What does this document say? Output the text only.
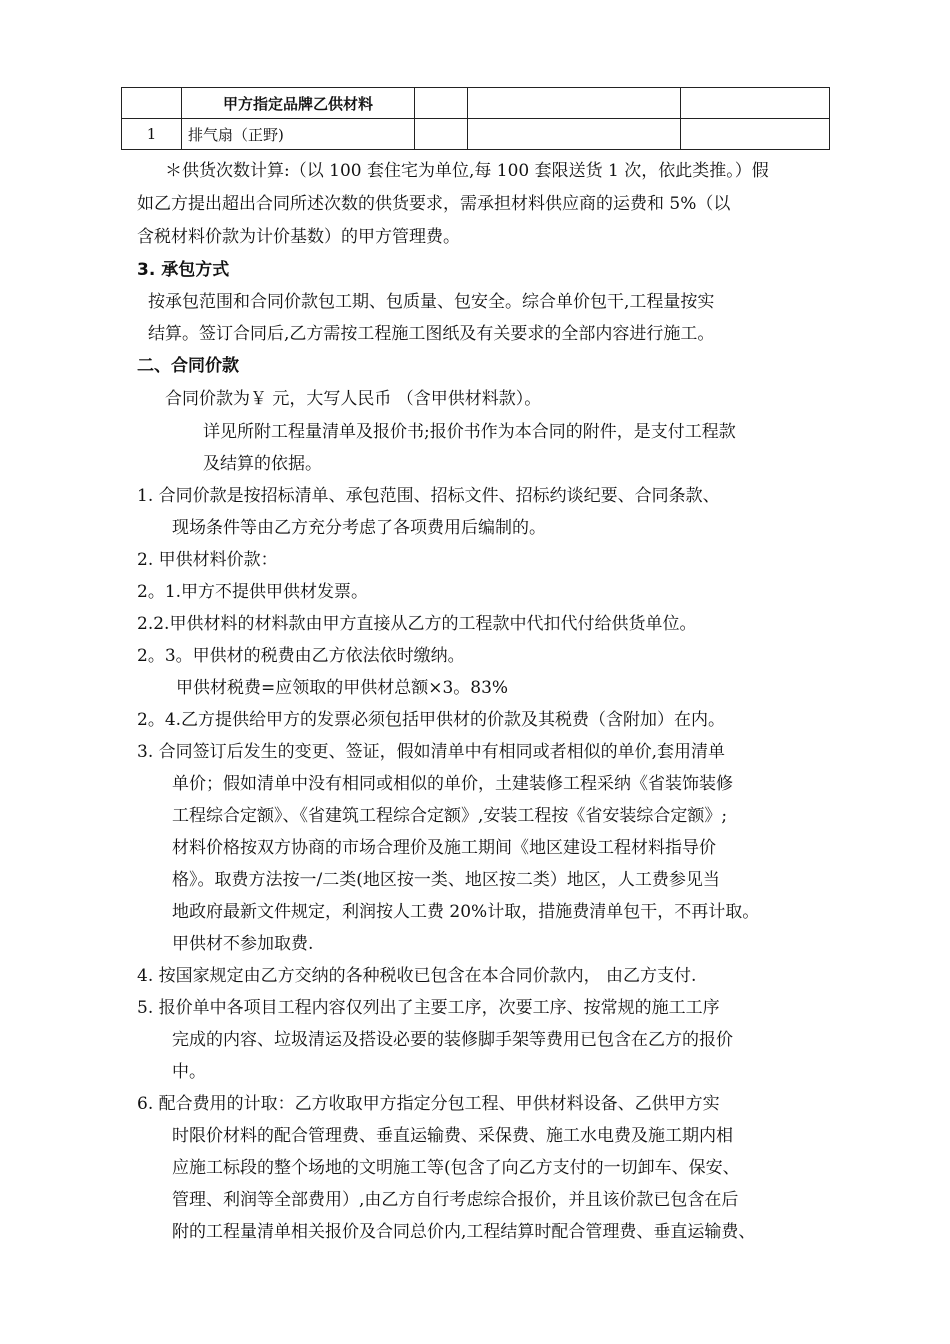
	甲方指定品牌乙供材料			
1	排气扇（正野)			
＊供货次数计算:（以 100 套住宅为单位,每 100 套限送货 1 次，依此类推。）假
如乙方提出超出合同所述次数的供货要求，需承担材料供应商的运费和 5%（以
含税材料价款为计价基数）的甲方管理费。
3. 承包方式
按承包范围和合同价款包工期、包质量、包安全。综合单价包干,工程量按实
结算。签订合同后,乙方需按工程施工图纸及有关要求的全部内容进行施工。
二、合同价款
合同价款为￥ 元，大写人民币 （含甲供材料款）。
详见所附工程量清单及报价书;报价书作为本合同的附件，是支付工程款
及结算的依据。
1. 合同价款是按招标清单、承包范围、招标文件、招标约谈纪要、合同条款、
现场条件等由乙方充分考虑了各项费用后编制的。
2. 甲供材料价款：
2。1.甲方不提供甲供材发票。
2.2.甲供材料的材料款由甲方直接从乙方的工程款中代扣代付给供货单位。
2。3。甲供材的税费由乙方依法依时缴纳。
甲供材税费=应领取的甲供材总额×3。83%
2。4.乙方提供给甲方的发票必须包括甲供材的价款及其税费（含附加）在内。
3. 合同签订后发生的变更、签证，假如清单中有相同或者相似的单价,套用清单
单价；假如清单中没有相同或相似的单价，土建装修工程采纳《省装饰装修
工程综合定额》、《省建筑工程综合定额》,安装工程按《省安装综合定额》;
材料价格按双方协商的市场合理价及施工期间《地区建设工程材料指导价
格》。取费方法按一/二类(地区按一类、地区按二类）地区，人工费参见当
地政府最新文件规定，利润按人工费 20%计取，措施费清单包干，不再计取。
甲供材不参加取费.
4. 按国家规定由乙方交纳的各种税收已包含在本合同价款内， 由乙方支付.
5. 报价单中各项目工程内容仅列出了主要工序，次要工序、按常规的施工工序
完成的内容、垃圾清运及搭设必要的装修脚手架等费用已包含在乙方的报价
中。
6. 配合费用的计取：乙方收取甲方指定分包工程、甲供材料设备、乙供甲方实
时限价材料的配合管理费、垂直运输费、采保费、施工水电费及施工期内相
应施工标段的整个场地的文明施工等(包含了向乙方支付的一切卸车、保安、
管理、利润等全部费用）,由乙方自行考虑综合报价，并且该价款已包含在后
附的工程量清单相关报价及合同总价内,工程结算时配合管理费、垂直运输费、
